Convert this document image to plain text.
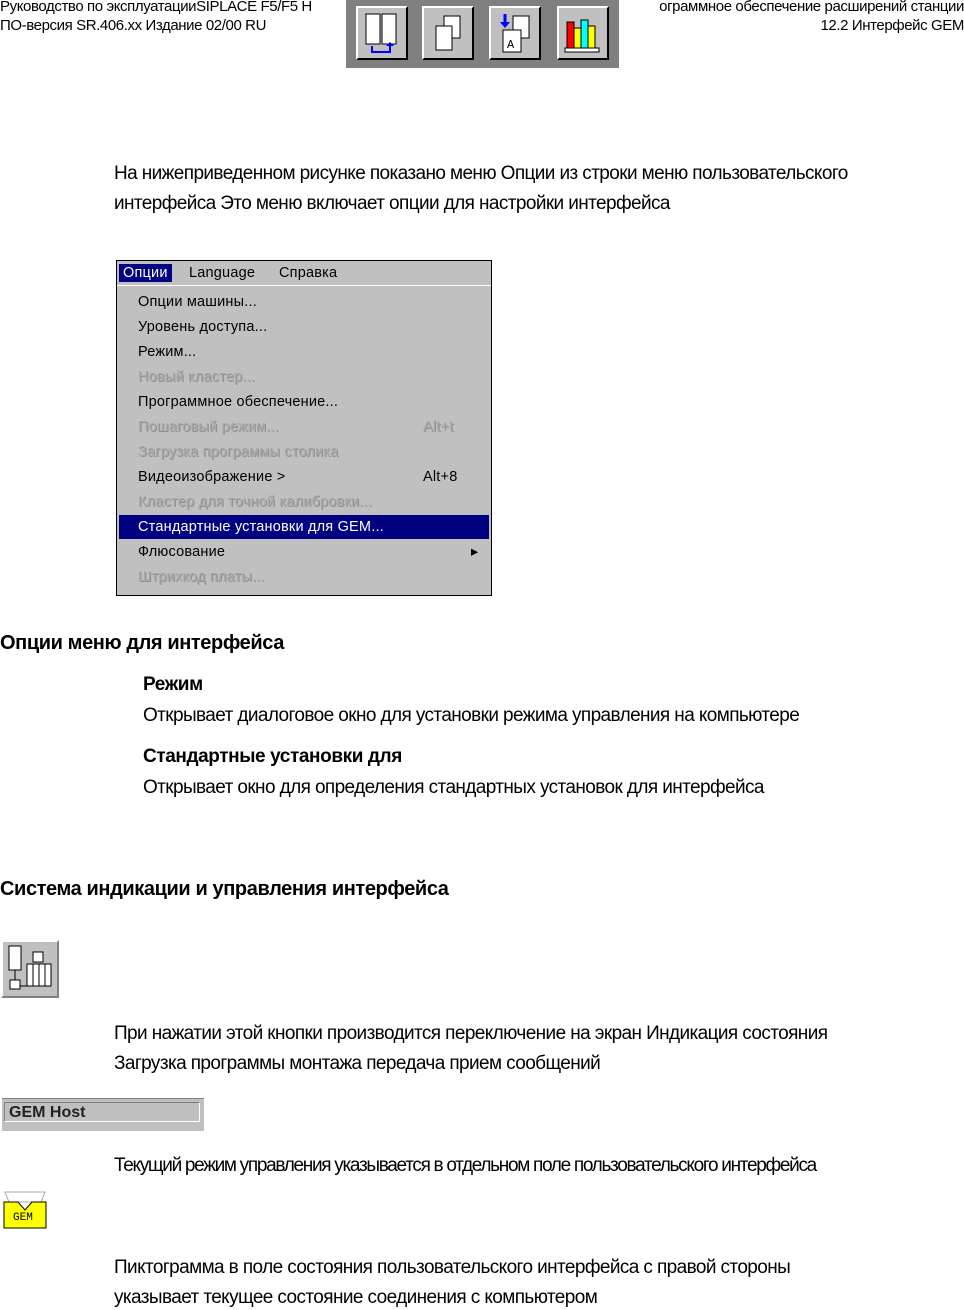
Руководство по эксплуатацииSIPLACE F5/F5 H
ПО-версия SR.406.xx Издание 02/00 RU
ограммное обеспечение расширений станции
12.2 Интерфейс GEM
A
На нижеприведенном рисунке показано меню Опции из строки меню пользовательского
интерфейса Это меню включает опции для настройки интерфейса
Опции Language Справка
Опции машины...
Уровень доступа...
Режим...
Новый кластер...
Программное обеспечение...
Пошаговый режим...	Alt+t
Загрузка программы столика
Видеоизображение >	Alt+8
Кластер для точной калибровки...
Стандартные установки для GEM...
Флюсование	▸
Штрихкод платы...
Опции меню для интерфейса
Режим
Открывает диалоговое окно для установки режима управления на компьютере
Стандартные установки для
Открывает окно для определения стандартных установок для интерфейса
Система индикации и управления интерфейса
При нажатии этой кнопки производится переключение на экран Индикация состояния
Загрузка программы монтажа передача прием сообщений
GEM Host
Текущий режим управления указывается в отдельном поле пользовательского интерфейса
GEM
Пиктограмма в поле состояния пользовательского интерфейса с правой стороны
указывает текущее состояние соединения с компьютером
